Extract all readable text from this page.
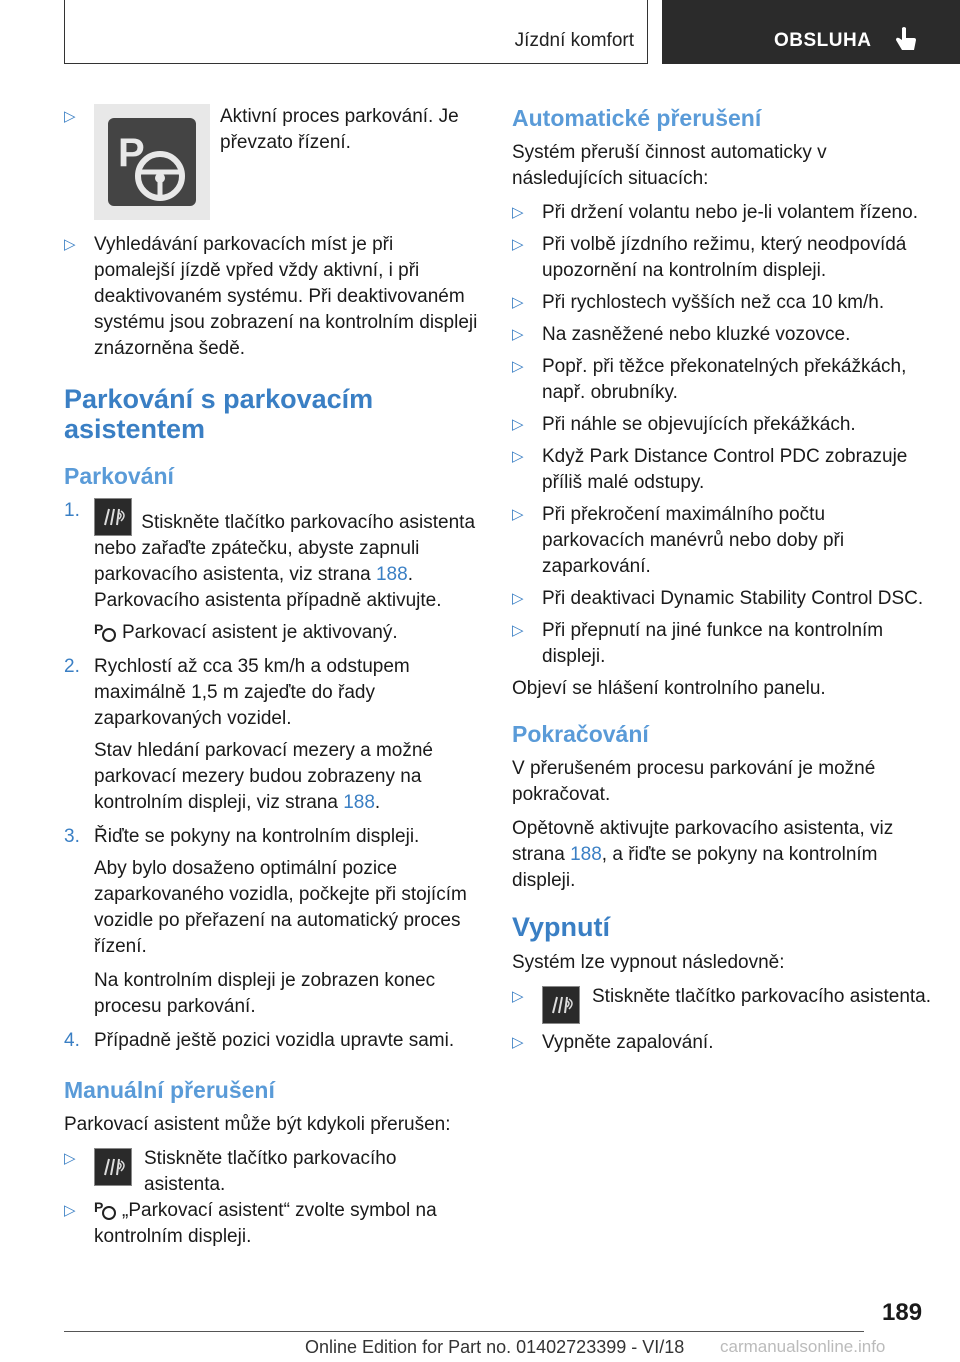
Jízdní komfort	OBSLUHA
▷
P
Aktivní proces parkování. Je převzato řízení.
▷ Vyhledávání parkovacích míst je při pomalejší jízdě vpřed vždy aktivní, i při deaktivovaném systému. Při deaktivovaném systému jsou zobrazení na kontrolním displeji znázorněna šedě.
Parkování s parkovacím asistentem
Parkování
1.
Stiskněte tlačítko parkovacího asistenta nebo zařaďte zpátečku, abyste zapnuli parkovacího asistenta, viz strana 188. Parkovacího asistenta případně aktivujte.

P Parkovací asistent je aktivovaný.

2. Rychlostí až cca 35 km/h a odstupem maximálně 1,5 m zajeďte do řady zaparkovaných vozidel.

Stav hledání parkovací mezery a možné parkovací mezery budou zobrazeny na kontrolním displeji, viz strana 188.

3. Řiďte se pokyny na kontrolním displeji.

Aby bylo dosaženo optimální pozice zaparkovaného vozidla, počkejte při stojícím vozidle po přeřazení na automatický proces řízení.

Na kontrolním displeji je zobrazen konec procesu parkování.

4. Případně ještě pozici vozidla upravte sami.
Manuální přerušení

Parkovací asistent může být kdykoli přerušen:

▷	Stiskněte tlačítko parkovacího asistenta.
▷ P „Parkovací asistent“ zvolte symbol na kontrolním displeji.
Automatické přerušení

Systém přeruší činnost automaticky v následujících situacích:

▷ Při držení volantu nebo je-li volantem řízeno.
▷ Při volbě jízdního režimu, který neodpovídá upozornění na kontrolním displeji.
▷ Při rychlostech vyšších než cca 10 km/h.
▷ Na zasněžené nebo kluzké vozovce.
▷ Popř. při těžce překonatelných překážkách, např. obrubníky.
▷ Při náhle se objevujících překážkách.
▷ Když Park Distance Control PDC zobrazuje příliš malé odstupy.
▷ Při překročení maximálního počtu parkovacích manévrů nebo doby při zaparkování.
▷ Při deaktivaci Dynamic Stability Control DSC.
▷ Při přepnutí na jiné funkce na kontrolním displeji.

Objeví se hlášení kontrolního panelu.

Pokračování

V přerušeném procesu parkování je možné pokračovat.

Opětovně aktivujte parkovacího asistenta, viz strana 188, a řiďte se pokyny na kontrolním displeji.

Vypnutí

Systém lze vypnout následovně:

▷	Stiskněte tlačítko parkovacího asistenta.
▷ Vypněte zapalování.
189
Online Edition for Part no. 01402723399 - VI/18 carmanualsonline.info
